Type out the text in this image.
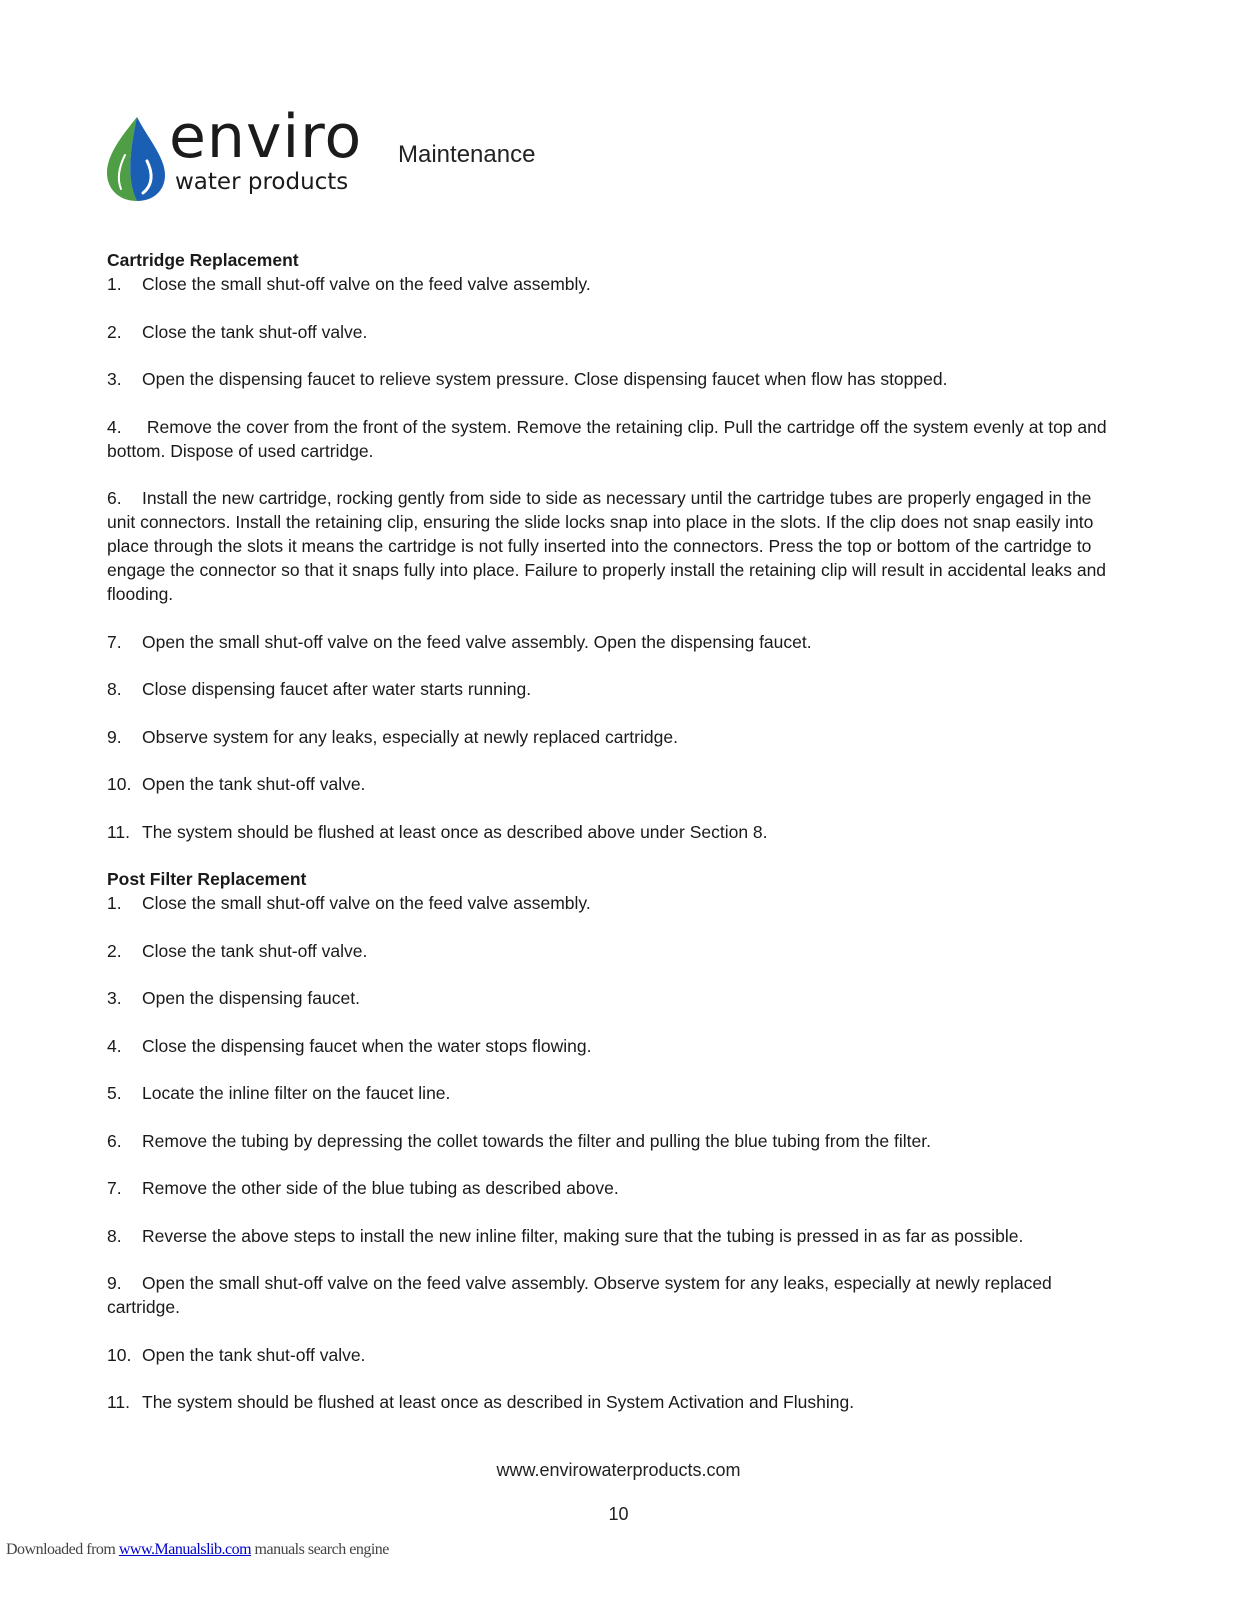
enviro
water products
Maintenance

Cartridge Replacement

1. Close the small shut-off valve on the feed valve assembly.
2. Close the tank shut-off valve.
3. Open the dispensing faucet to relieve system pressure. Close dispensing faucet when flow has stopped.
4. Remove the cover from the front of the system. Remove the retaining clip. Pull the cartridge off the system evenly at top and bottom. Dispose of used cartridge.
6. Install the new cartridge, rocking gently from side to side as necessary until the cartridge tubes are properly engaged in the unit connectors. Install the retaining clip, ensuring the slide locks snap into place in the slots. If the clip does not snap easily into place through the slots it means the cartridge is not fully inserted into the connectors. Press the top or bottom of the cartridge to engage the connector so that it snaps fully into place. Failure to properly install the retaining clip will result in accidental leaks and flooding.
7. Open the small shut-off valve on the feed valve assembly. Open the dispensing faucet.
8. Close dispensing faucet after water starts running.
9. Observe system for any leaks, especially at newly replaced cartridge.
10. Open the tank shut-off valve.
11. The system should be flushed at least once as described above under Section 8.

Post Filter Replacement

1. Close the small shut-off valve on the feed valve assembly.
2. Close the tank shut-off valve.
3. Open the dispensing faucet.
4. Close the dispensing faucet when the water stops flowing.
5. Locate the inline filter on the faucet line.
6. Remove the tubing by depressing the collet towards the filter and pulling the blue tubing from the filter.
7. Remove the other side of the blue tubing as described above.
8. Reverse the above steps to install the new inline filter, making sure that the tubing is pressed in as far as possible.
9. Open the small shut-off valve on the feed valve assembly. Observe system for any leaks, especially at newly replaced cartridge.
10. Open the tank shut-off valve.
11. The system should be flushed at least once as described in System Activation and Flushing.
www.envirowaterproducts.com
10
Downloaded from www.Manualslib.com manuals search engine
